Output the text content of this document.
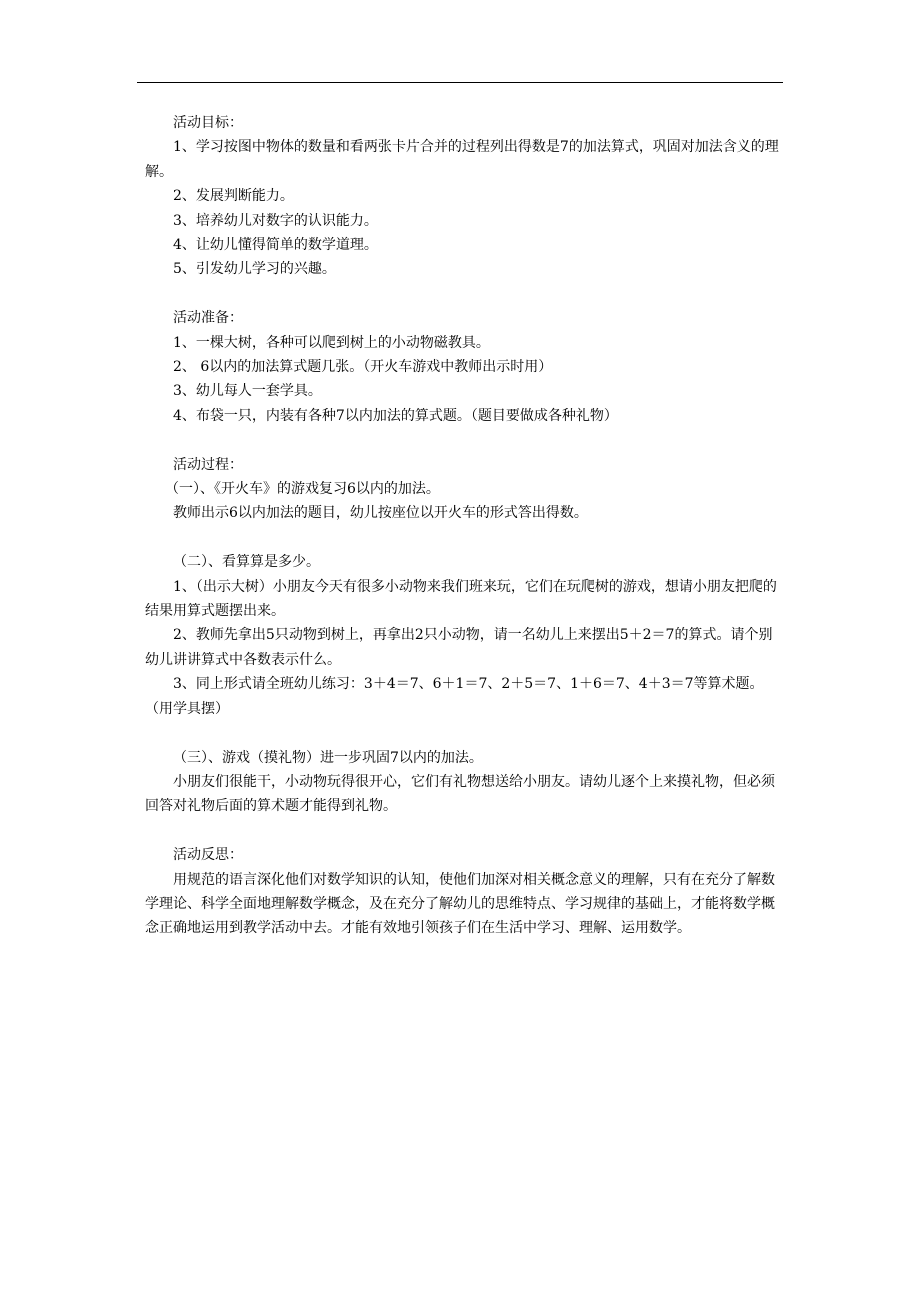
活动目标：

1、学习按图中物体的数量和看两张卡片合并的过程列出得数是7的加法算式，巩固对加法含义的理解。

2、发展判断能力。

3、培养幼儿对数字的认识能力。

4、让幼儿懂得简单的数学道理。

5、引发幼儿学习的兴趣。

活动准备：

1、一棵大树，各种可以爬到树上的小动物磁教具。

2、 6以内的加法算式题几张。（开火车游戏中教师出示时用）

3、幼儿每人一套学具。

4、布袋一只，内装有各种7以内加法的算式题。（题目要做成各种礼物）

活动过程：

（一）、《开火车》的游戏复习6以内的加法。

教师出示6以内加法的题目，幼儿按座位以开火车的形式答出得数。

（二）、看算算是多少。

1、（出示大树）小朋友今天有很多小动物来我们班来玩，它们在玩爬树的游戏，想请小朋友把爬的结果用算式题摆出来。

2、教师先拿出5只动物到树上，再拿出2只小动物，请一名幼儿上来摆出5＋2＝7的算式。请个别幼儿讲讲算式中各数表示什么。

3、同上形式请全班幼儿练习：3＋4＝7、6＋1＝7、2＋5＝7、1＋6＝7、4＋3＝7等算术题。（用学具摆）

（三）、游戏（摸礼物）进一步巩固7以内的加法。

小朋友们很能干，小动物玩得很开心，它们有礼物想送给小朋友。请幼儿逐个上来摸礼物，但必须回答对礼物后面的算术题才能得到礼物。

活动反思：

用规范的语言深化他们对数学知识的认知，使他们加深对相关概念意义的理解，只有在充分了解数学理论、科学全面地理解数学概念，及在充分了解幼儿的思维特点、学习规律的基础上，才能将数学概念正确地运用到教学活动中去。才能有效地引领孩子们在生活中学习、理解、运用数学。
